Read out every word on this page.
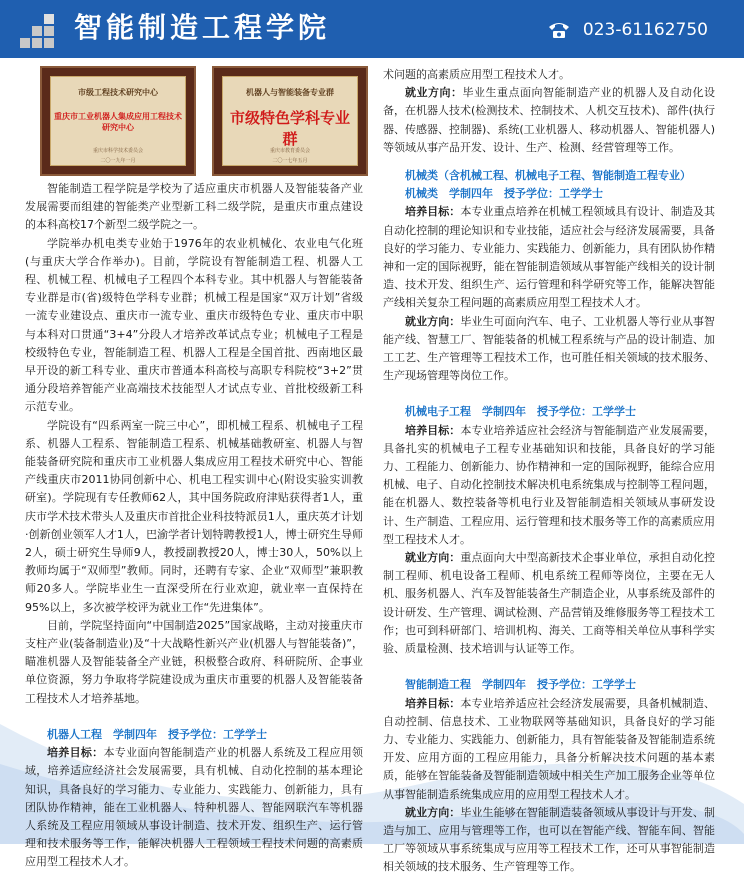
智能制造工程学院	023-61162750
市级工程技术研究中心
重庆市工业机器人集成应用工程技术研究中心
重庆市科学技术委员会
二〇一九年一月
机器人与智能装备专业群
市级特色学科专业群
重庆市教育委员会
二〇一七年五月

智能制造工程学院是学校为了适应重庆市机器人及智能装备产业发展需要而组建的智能类产业型新工科二级学院，是重庆市重点建设的本科高校17个新型二级学院之一。

学院举办机电类专业始于1976年的农业机械化、农业电气化班(与重庆大学合作举办)。目前，学院设有智能制造工程、机器人工程、机械工程、机械电子工程四个本科专业。其中机器人与智能装备专业群是市(省)级特色学科专业群；机械工程是国家“双万计划”省级一流专业建设点、重庆市一流专业、重庆市级特色专业、重庆市中职与本科对口贯通“3+4”分段人才培养改革试点专业；机械电子工程是校级特色专业，智能制造工程、机器人工程是全国首批、西南地区最早开设的新工科专业、重庆市普通本科高校与高职专科院校“3+2”贯通分段培养智能产业高端技术技能型人才试点专业、首批校级新工科示范专业。

学院设有“四系两室一院三中心”，即机械工程系、机械电子工程系、机器人工程系、智能制造工程系、机械基础教研室、机器人与智能装备研究院和重庆市工业机器人集成应用工程技术研究中心、智能产线重庆市2011协同创新中心、机电工程实训中心(附设实验实训教研室)。学院现有专任教师62人，其中国务院政府津贴获得者1人，重庆市学术技术带头人及重庆市首批企业科技特派员1人，重庆英才计划·创新创业领军人才1人，巴渝学者计划特聘教授1人，博士研究生导师2人，硕士研究生导师9人，教授副教授20人，博士30人，50%以上教师均属于“双师型”教师。同时，还聘有专家、企业“双师型”兼职教师20多人。学院毕业生一直深受所在行业欢迎，就业率一直保持在95%以上，多次被学校评为就业工作“先进集体”。

目前，学院坚持面向“中国制造2025”国家战略，主动对接重庆市支柱产业(装备制造业)及“十大战略性新兴产业(机器人与智能装备)”，瞄准机器人及智能装备全产业链，积极整合政府、科研院所、企事业单位资源，努力争取将学院建设成为重庆市重要的机器人及智能装备工程技术人才培养基地。

机器人工程　学制四年　授予学位：工学学士

培养目标：本专业面向智能制造产业的机器人系统及工程应用领域，培养适应经济社会发展需要，具有机械、自动化控制的基本理论知识，具备良好的学习能力、专业能力、实践能力、创新能力，具有团队协作精神，能在工业机器人、特种机器人、智能网联汽车等机器人系统及工程应用领域从事设计制造、技术开发、组织生产、运行管理和技术服务等工作，能解决机器人工程领域工程技术问题的高素质应用型工程技术人才。

术问题的高素质应用型工程技术人才。

就业方向：毕业生重点面向智能制造产业的机器人及自动化设备，在机器人技术(检测技术、控制技术、人机交互技术)、部件(执行器、传感器、控制器)、系统(工业机器人、移动机器人、智能机器人)等领域从事产品开发、设计、生产、检测、经营管理等工作。

机械类（含机械工程、机械电子工程、智能制造工程专业）

机械类　学制四年　授予学位：工学学士

培养目标：本专业重点培养在机械工程领域具有设计、制造及其自动化控制的理论知识和专业技能，适应社会与经济发展需要，具备良好的学习能力、专业能力、实践能力、创新能力，具有团队协作精神和一定的国际视野，能在智能制造领域从事智能产线相关的设计制造、技术开发、组织生产、运行管理和科学研究等工作，能解决智能产线相关复杂工程问题的高素质应用型工程技术人才。

就业方向：毕业生可面向汽车、电子、工业机器人等行业从事智能产线、智慧工厂、智能装备的机械工程系统与产品的设计制造、加工工艺、生产管理等工程技术工作，也可胜任相关领域的技术服务、生产现场管理等岗位工作。

机械电子工程　学制四年　授予学位：工学学士

培养目标：本专业培养适应社会经济与智能制造产业发展需要，具备扎实的机械电子工程专业基础知识和技能，具备良好的学习能力、工程能力、创新能力、协作精神和一定的国际视野，能综合应用机械、电子、自动化控制技术解决机电系统集成与控制等工程问题，能在机器人、数控装备等机电行业及智能制造相关领域从事研发设计、生产制造、工程应用、运行管理和技术服务等工作的高素质应用型工程技术人才。

就业方向：重点面向大中型高新技术企事业单位，承担自动化控制工程师、机电设备工程师、机电系统工程师等岗位，主要在无人机、服务机器人、汽车及智能装备生产制造企业，从事系统及部件的设计研发、生产管理、调试检测、产品营销及维修服务等工程技术工作；也可到科研部门、培训机构、海关、工商等相关单位从事科学实验、质量检测、技术培训与认证等工作。

智能制造工程　学制四年　授予学位：工学学士

培养目标：本专业培养适应社会经济发展需要，具备机械制造、自动控制、信息技术、工业物联网等基础知识，具备良好的学习能力、专业能力、实践能力、创新能力，具有智能装备及智能制造系统开发、应用方面的工程应用能力，具备分析解决技术问题的基本素质，能够在智能装备及智能制造领域中相关生产加工服务企业等单位从事智能制造系统集成应用的应用型工程技术人才。

就业方向：毕业生能够在智能制造装备领域从事设计与开发、制造与加工、应用与管理等工作，也可以在智能产线、智能车间、智能工厂等领域从事系统集成与应用等工程技术工作，还可从事智能制造相关领域的技术服务、生产管理等工作。
